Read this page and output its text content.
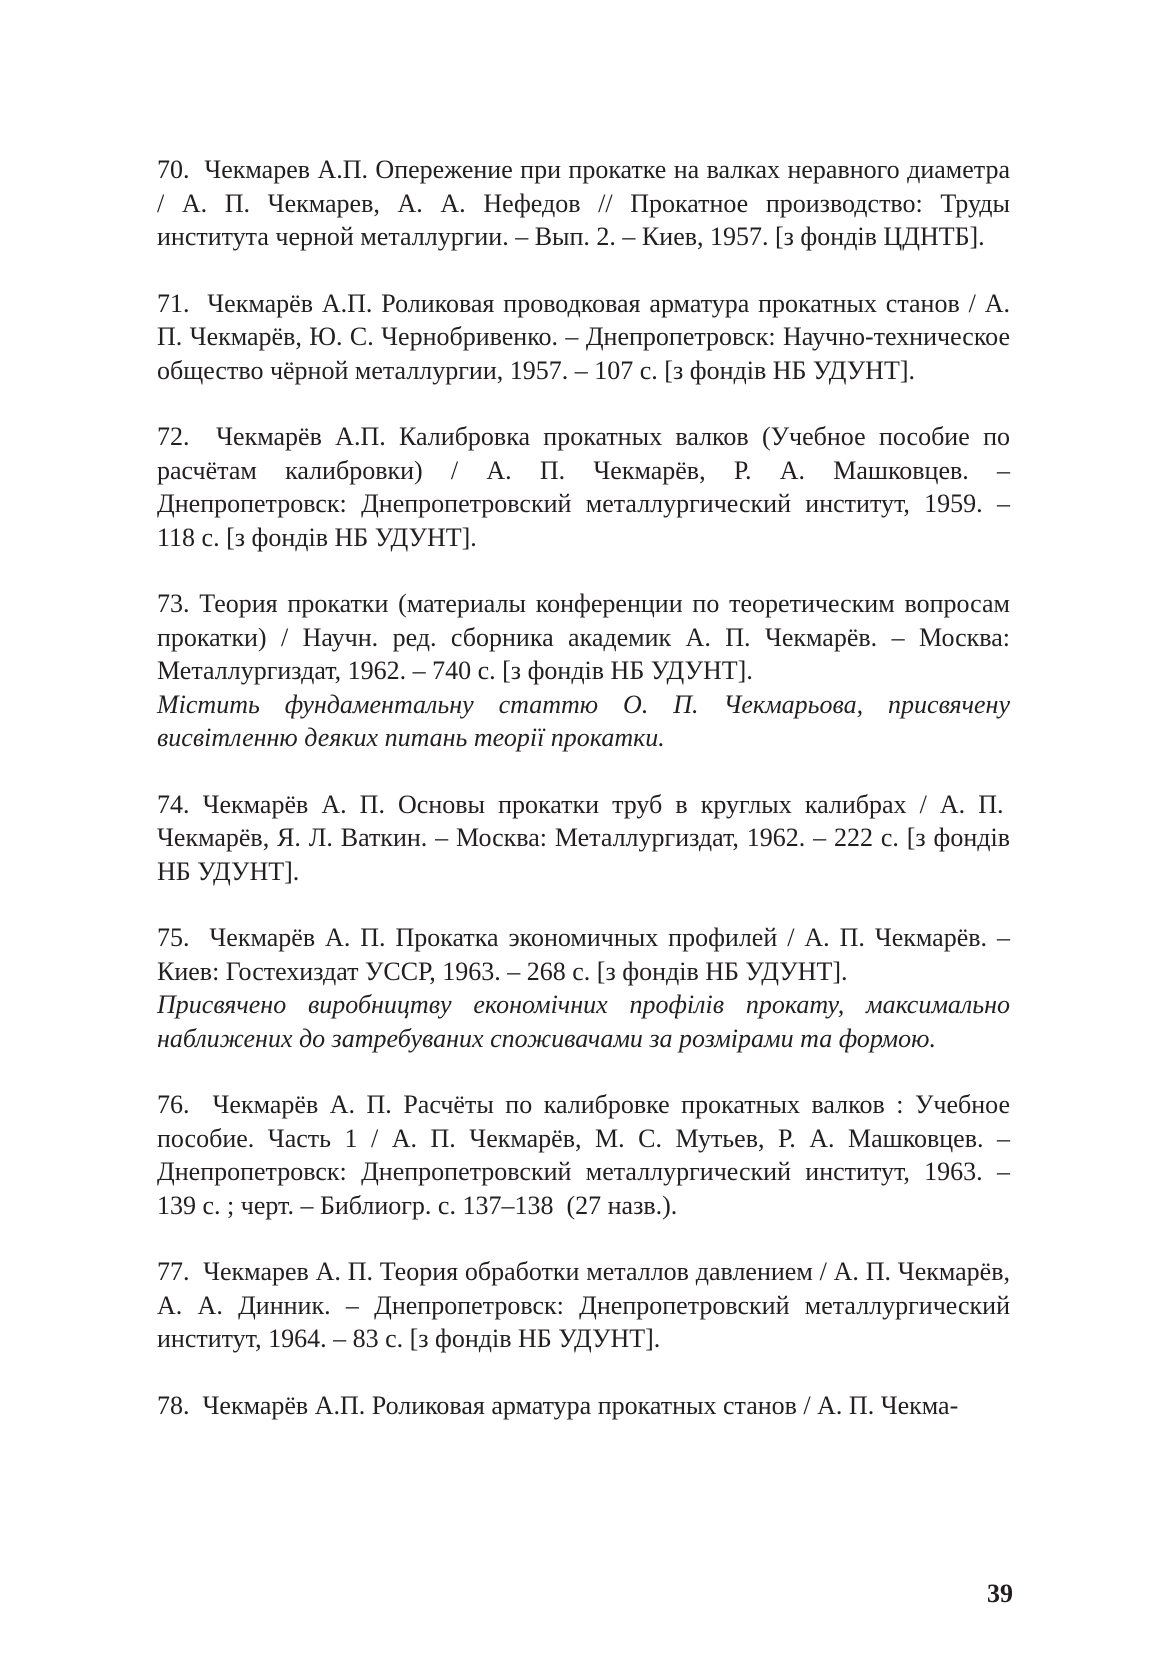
70.  Чекмарев А.П. Опережение при прокатке на валках неравного диаметра / А. П. Чекмарев, А. А. Нефедов // Прокатное производство: Труды института черной металлургии. – Вып. 2. – Киев, 1957. [з фондів ЦДНТБ].

71.  Чекмарёв А.П. Роликовая проводковая арматура прокатных станов / А. П. Чекмарёв, Ю. С. Чернобривенко. – Днепропетровск: Научно-техническое общество чёрной металлургии, 1957. – 107 с. [з фондів НБ УДУНТ].

72.  Чекмарёв А.П. Калибровка прокатных валков (Учебное пособие по расчётам калибровки) / А. П. Чекмарёв, Р. А. Машковцев. – Днепропетровск: Днепропетровский металлургический институт, 1959. – 118 с. [з фондів НБ УДУНТ].

73. Теория прокатки (материалы конференции по теоретическим вопросам прокатки) / Научн. ред. сборника академик А. П. Чекмарёв. – Москва: Металлургиздат, 1962. – 740 с. [з фондів НБ УДУНТ].
Містить фундаментальну статтю О. П. Чекмарьова, присвячену висвітленню деяких питань теорії прокатки.

74. Чекмарёв А. П. Основы прокатки труб в круглых калибрах / А. П.  Чекмарёв, Я. Л. Ваткин. – Москва: Металлургиздат, 1962. – 222 с. [з фондів НБ УДУНТ].

75.  Чекмарёв А. П. Прокатка экономичных профилей / А. П. Чекмарёв. – Киев: Гостехиздат УССР, 1963. – 268 с. [з фондів НБ УДУНТ].
Присвячено виробництву економічних профілів прокату, максимально наближених до затребуваних споживачами за розмірами та формою.

76.  Чекмарёв А. П. Расчёты по калибровке прокатных валков : Учебное пособие. Часть 1 / А. П. Чекмарёв, М. С. Мутьев, Р. А. Машковцев. – Днепропетровск: Днепропетровский металлургический институт, 1963. – 139 с. ; черт. – Библиогр. с. 137–138  (27 назв.).

77.  Чекмарев А. П. Теория обработки металлов давлением / А. П. Чекмарёв, А. А. Динник. – Днепропетровск: Днепропетровский металлургический институт, 1964. – 83 с. [з фондів НБ УДУНТ].

78.  Чекмарёв А.П. Роликовая арматура прокатных станов / А. П. Чекма-

39
